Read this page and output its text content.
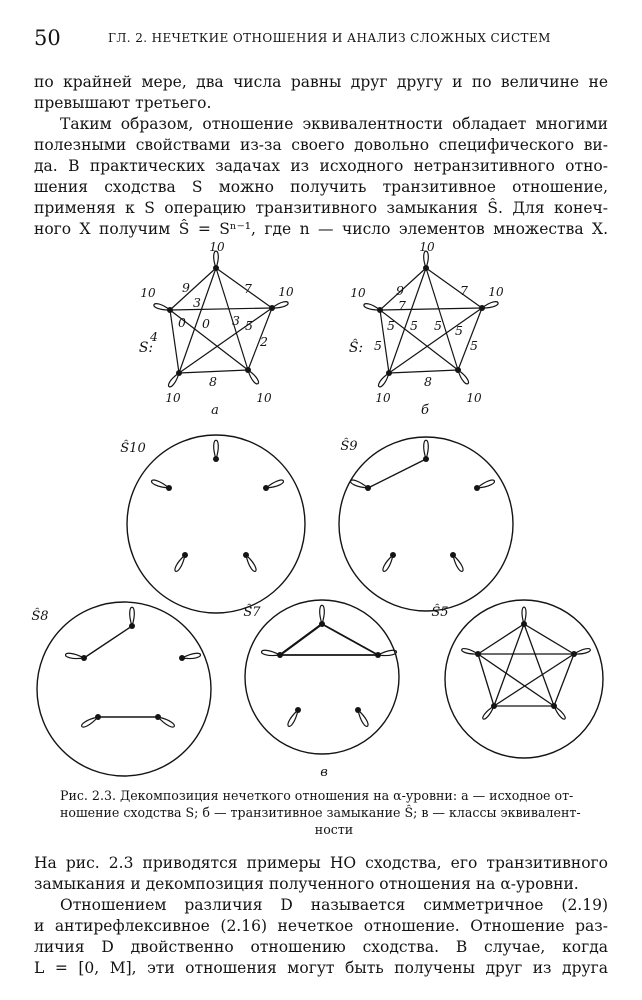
50	ГЛ. 2. НЕЧЕТКИЕ ОТНОШЕНИЯ И АНАЛИЗ СЛОЖНЫХ СИСТЕМ
по крайней мере, два числа равны друг другу и по величине не
превышают третьего.
Таким образом, отношение эквивалентности обладает многими
полезными свойствами из-за своего довольно специфического ви-
да. В практических задачах из исходного нетранзитивного отно-
шения сходства S можно получить транзитивное отношение,
применяя к S операцию транзитивного замыкания Ŝ. Для конеч-
ного X получим Ŝ = Sⁿ⁻¹, где n — число элементов множества X.
10
10
10
10
10 9	7
3
0 0 3 5
4	2
8
S:
a
10
10
10
10
10 9	7
7
5 5 5 5
5	5
8
Ŝ:
б
Ŝ10	Ŝ9
Ŝ8	Ŝ7	Ŝ5
в
Рис. 2.3. Декомпозиция нечеткого отношения на α-уровни: а — исходное от-
ношение сходства S; б — транзитивное замыкание Ŝ; в — классы эквивалент-
ности
На рис. 2.3 приводятся примеры НО сходства, его транзитивного
замыкания и декомпозиция полученного отношения на α-уровни.
Отношением различия D называется симметричное (2.19)
и антирефлексивное (2.16) нечеткое отношение. Отношение раз-
личия D двойственно отношению сходства. В случае, когда
L = [0, M], эти отношения могут быть получены друг из друга
